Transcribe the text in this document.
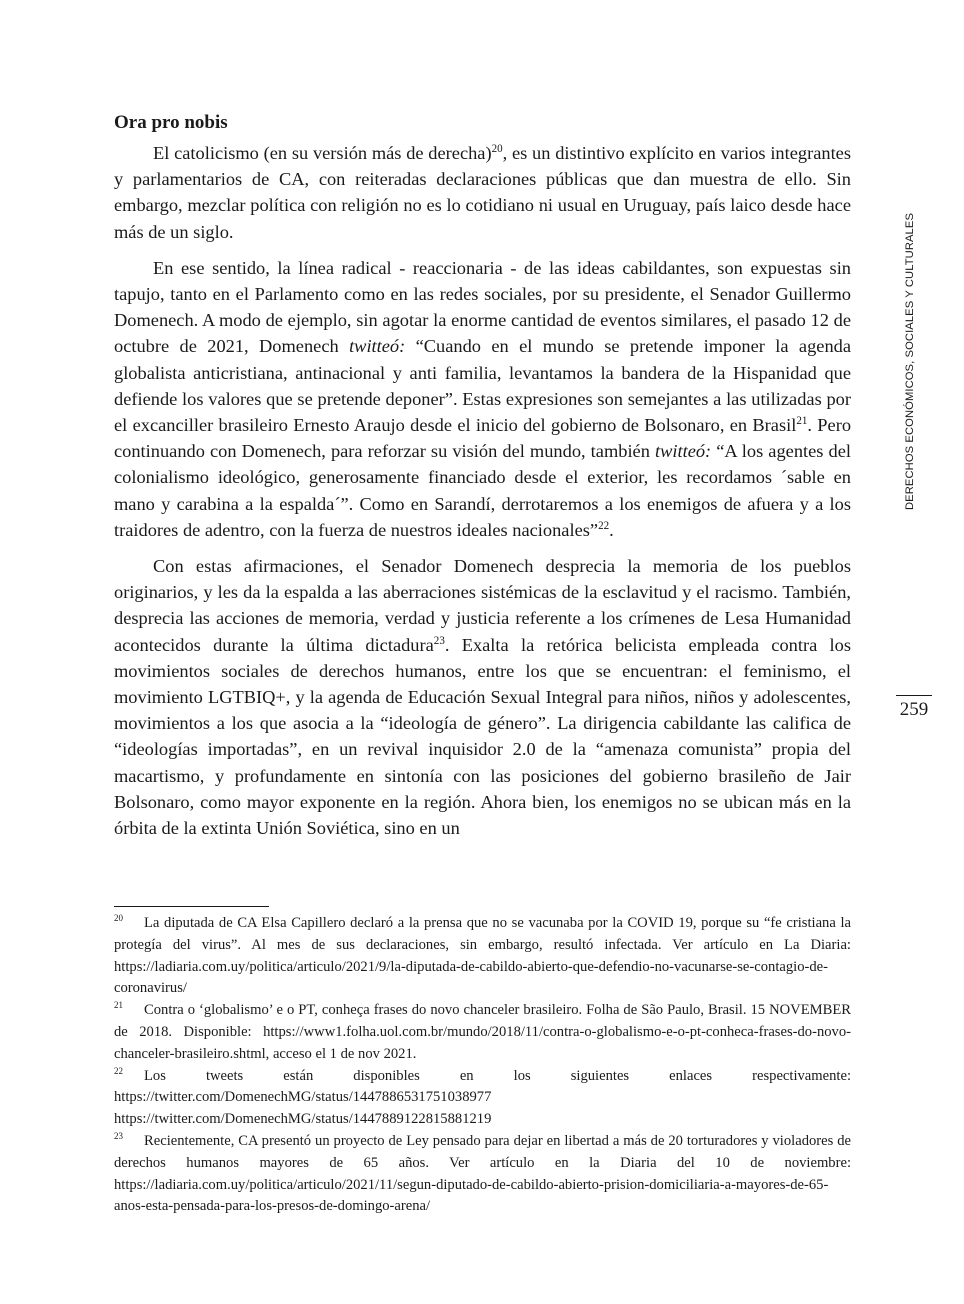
Ora pro nobis

El catolicismo (en su versión más de derecha)$^{20}$, es un distintivo explícito en varios integrantes y parlamentarios de CA, con reiteradas declaraciones públicas que dan muestra de ello. Sin embargo, mezclar política con religión no es lo cotidiano ni usual en Uruguay, país laico desde hace más de un siglo.

En ese sentido, la línea radical - reaccionaria - de las ideas cabildantes, son expuestas sin tapujo, tanto en el Parlamento como en las redes sociales, por su presidente, el Senador Guillermo Domenech. A modo de ejemplo, sin agotar la enorme cantidad de eventos similares, el pasado 12 de octubre de 2021, Domenech twitteó: “Cuando en el mundo se pretende imponer la agenda globalista anticristiana, antinacional y anti familia, levantamos la bandera de la Hispanidad que defiende los valores que se pretende deponer”. Estas expresiones son semejantes a las utilizadas por el excanciller brasileiro Ernesto Araujo desde el inicio del gobierno de Bolsonaro, en Brasil$^{21}$. Pero continuando con Domenech, para reforzar su visión del mundo, también twitteó: “A los agentes del colonialismo ideológico, generosamente financiado desde el exterior, les recordamos ´sable en mano y carabina a la espalda´”. Como en Sarandí, derrotaremos a los enemigos de afuera y a los traidores de adentro, con la fuerza de nuestros ideales nacionales”$^{22}$.

Con estas afirmaciones, el Senador Domenech desprecia la memoria de los pueblos originarios, y les da la espalda a las aberraciones sistémicas de la esclavitud y el racismo. También, desprecia las acciones de memoria, verdad y justicia referente a los crímenes de Lesa Humanidad acontecidos durante la última dictadura$^{23}$. Exalta la retórica belicista empleada contra los movimientos sociales de derechos humanos, entre los que se encuentran: el feminismo, el movimiento LGTBIQ+, y la agenda de Educación Sexual Integral para niños, niños y adolescentes, movimientos a los que asocia a la “ideología de género”. La dirigencia cabildante las califica de “ideologías importadas”, en un revival inquisidor 2.0 de la “amenaza comunista” propia del macartismo, y profundamente en sintonía con las posiciones del gobierno brasileño de Jair Bolsonaro, como mayor exponente en la región. Ahora bien, los enemigos no se ubican más en la órbita de la extinta Unión Soviética, sino en un

20 La diputada de CA Elsa Capillero declaró a la prensa que no se vacunaba por la COVID 19, porque su “fe cristiana la protegía del virus”. Al mes de sus declaraciones, sin embargo, resultó infectada. Ver artículo en La Diaria: https://ladiaria.com.uy/politica/articulo/2021/9/la-diputada-de-cabildo-abierto-que-defendio-no-vacunarse-se-contagio-de-coronavirus/

21 Contra o ‘globalismo’ e o PT, conheça frases do novo chanceler brasileiro. Folha de São Paulo, Brasil. 15 NOVEMBER de 2018. Disponible: https://www1.folha.uol.com.br/mundo/2018/11/contra-o-globalismo-e-o-pt-conheca-frases-do-novo-chanceler-brasileiro.shtml, acceso el 1 de nov 2021.

22 Los tweets están disponibles en los siguientes enlaces respectivamente: https://twitter.com/DomenechMG/status/1447886531751038977 https://twitter.com/DomenechMG/status/1447889122815881219

23 Recientemente, CA presentó un proyecto de Ley pensado para dejar en libertad a más de 20 torturadores y violadores de derechos humanos mayores de 65 años. Ver artículo en la Diaria del 10 de noviembre: https://ladiaria.com.uy/politica/articulo/2021/11/segun-diputado-de-cabildo-abierto-prision-domiciliaria-a-mayores-de-65-anos-esta-pensada-para-los-presos-de-domingo-arena/

DERECHOS ECONÓMICOS, SOCIALES Y CULTURALES
259
